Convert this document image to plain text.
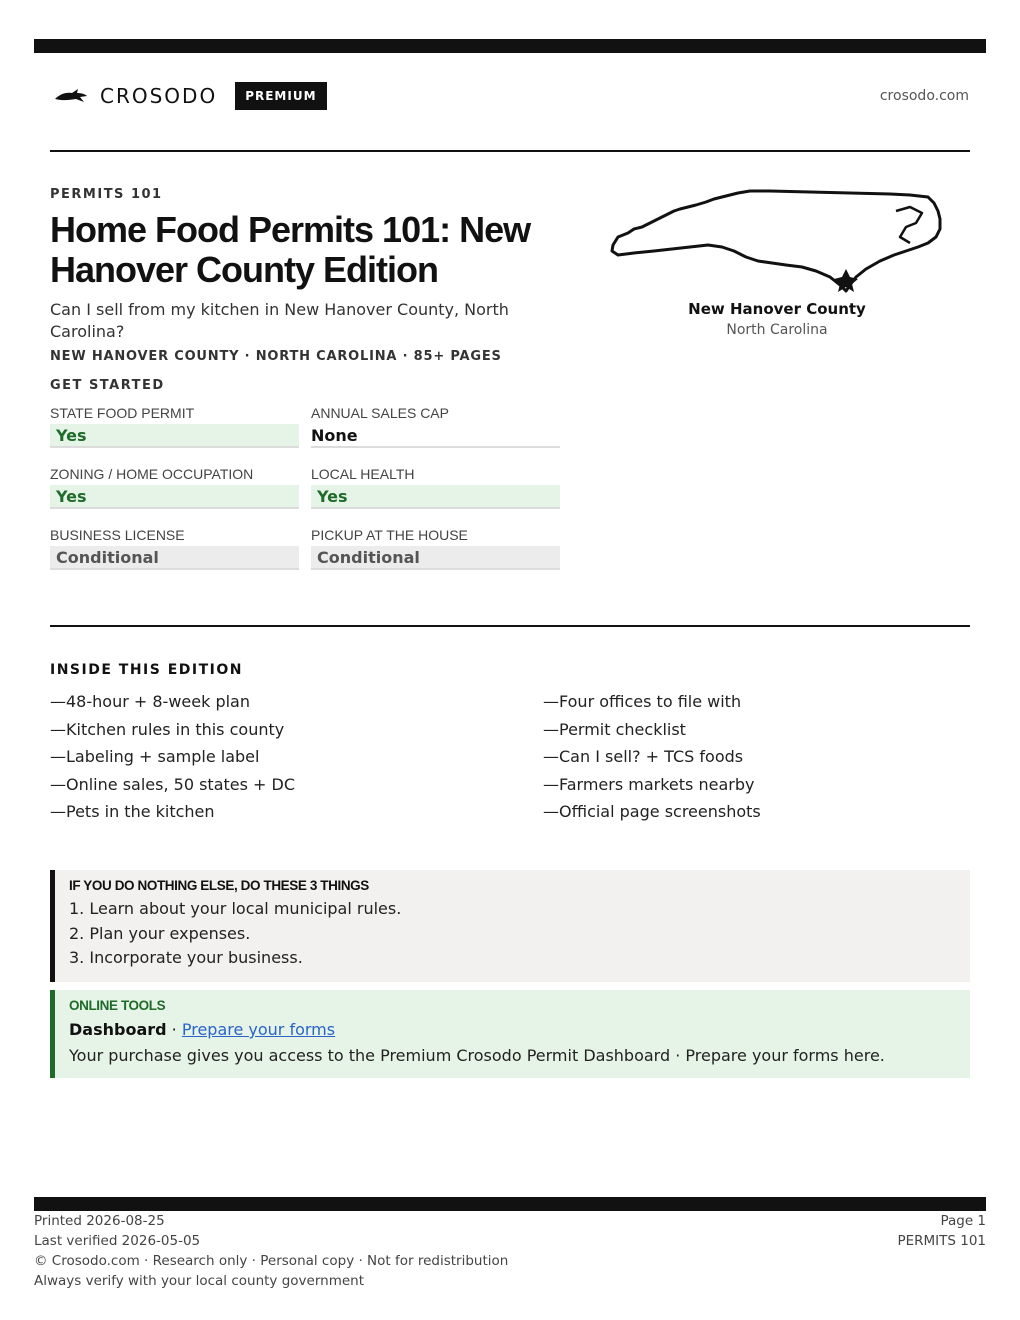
CROSODO	PREMIUM	crosodo.com
PERMITS 101
Home Food Permits 101: New Hanover County Edition

Can I sell from my kitchen in New Hanover County, North Carolina?

NEW HANOVER COUNTY · NORTH CAROLINA · 85+ PAGES
GET STARTED
STATE FOOD PERMIT
Yes
ANNUAL SALES CAP
None
ZONING / HOME OCCUPATION
Yes
LOCAL HEALTH
Yes
BUSINESS LICENSE
Conditional
PICKUP AT THE HOUSE
Conditional
New Hanover County
North Carolina
INSIDE THIS EDITION
—48-hour + 8-week plan
—Kitchen rules in this county
—Labeling + sample label
—Online sales, 50 states + DC
—Pets in the kitchen
—Four offices to file with
—Permit checklist
—Can I sell? + TCS foods
—Farmers markets nearby
—Official page screenshots
IF YOU DO NOTHING ELSE, DO THESE 3 THINGS
1. Learn about your local municipal rules.
2. Plan your expenses.
3. Incorporate your business.
ONLINE TOOLS
Dashboard · Prepare your forms
Your purchase gives you access to the Premium Crosodo Permit Dashboard · Prepare your forms here.
Printed 2026-08-25
Last verified 2026-05-05
© Crosodo.com · Research only · Personal copy · Not for redistribution
Always verify with your local county government
Page 1
PERMITS 101
